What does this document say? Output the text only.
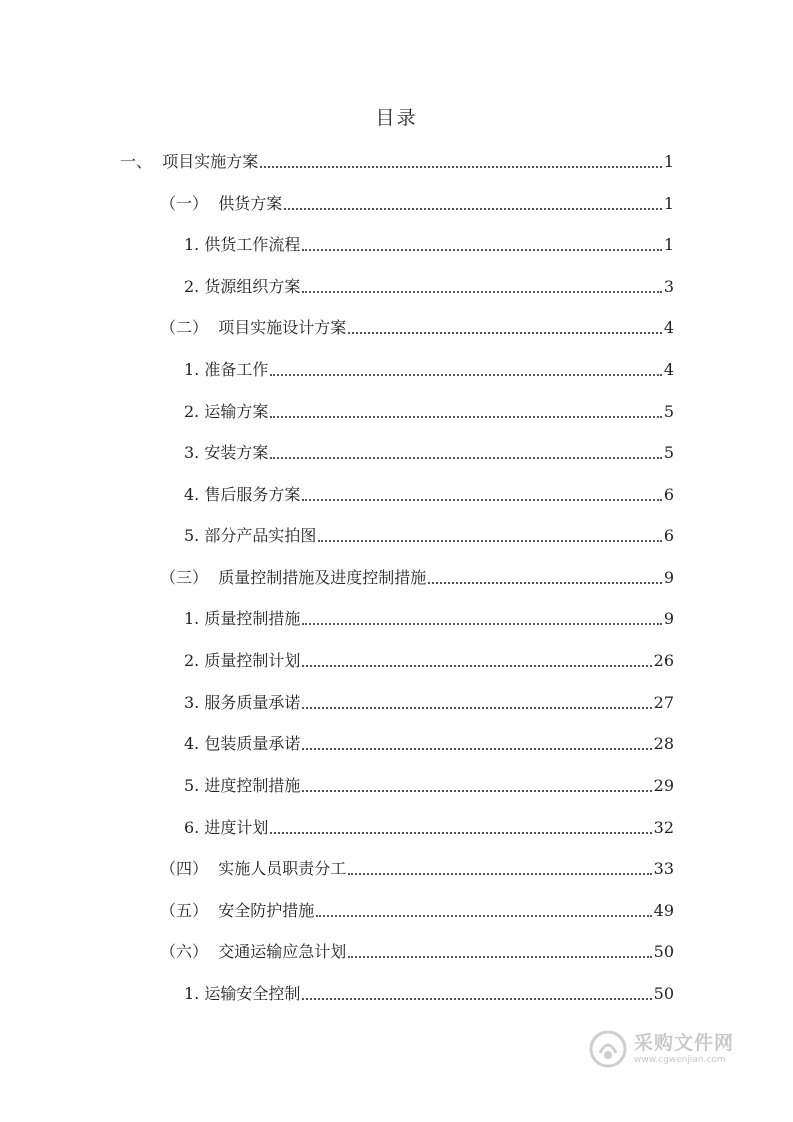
目录
一、 项目实施方案	1
（一） 供货方案	1
1. 供货工作流程	1
2. 货源组织方案	3
（二） 项目实施设计方案	4
1. 准备工作	4
2. 运输方案	5
3. 安装方案	5
4. 售后服务方案	6
5. 部分产品实拍图	6
（三） 质量控制措施及进度控制措施	9
1. 质量控制措施	9
2. 质量控制计划	26
3. 服务质量承诺	27
4. 包装质量承诺	28
5. 进度控制措施	29
6. 进度计划	32
（四） 实施人员职责分工	33
（五） 安全防护措施	49
（六） 交通运输应急计划	50
1. 运输安全控制	50
采购文件网
www.cgwenjian.com
